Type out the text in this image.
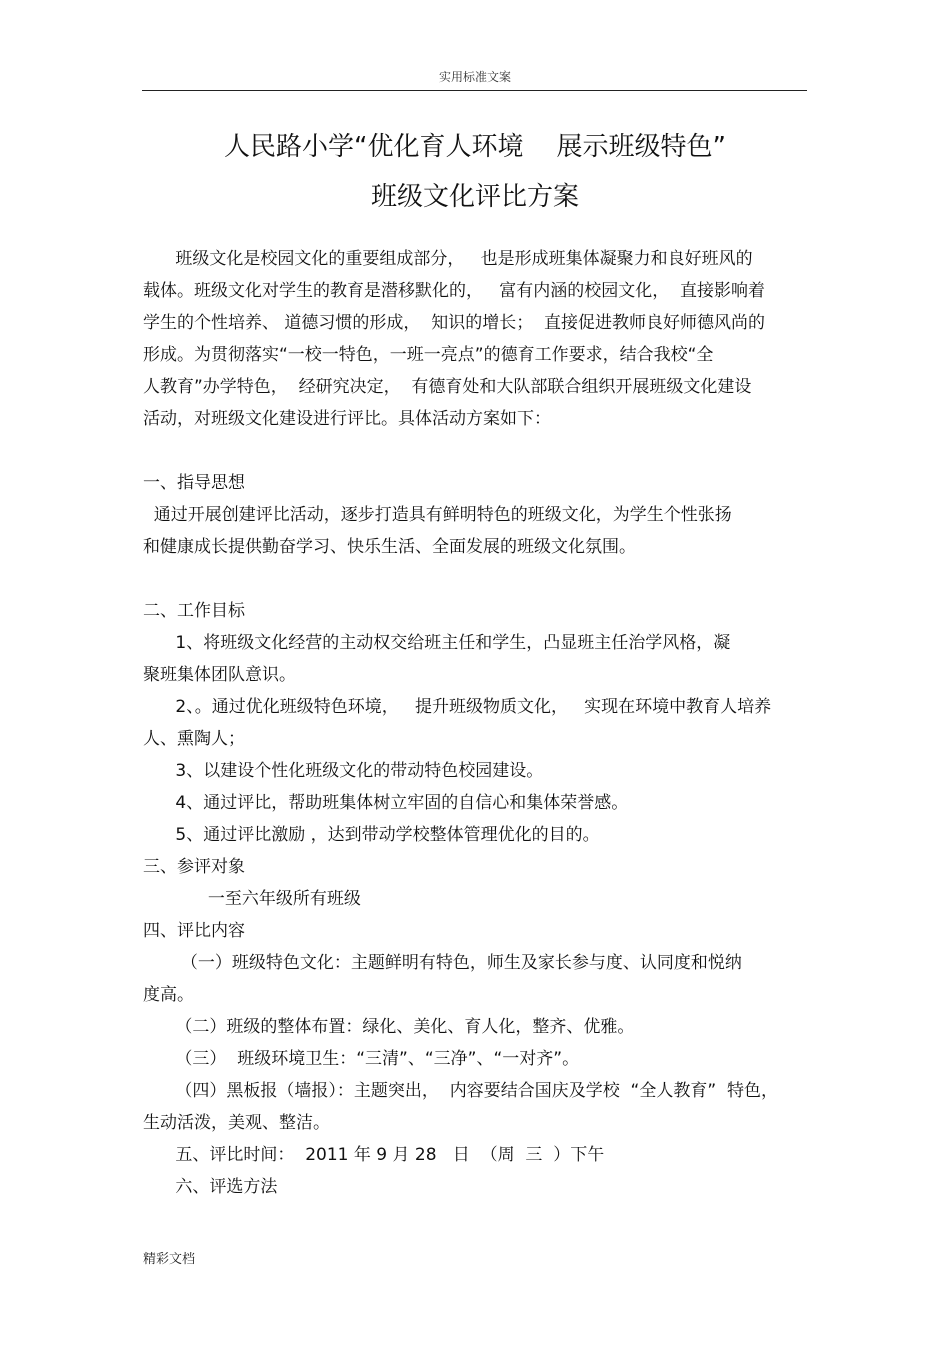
实用标准文案
人民路小学“优化育人环境    展示班级特色”
班级文化评比方案
班级文化是校园文化的重要组成部分，   也是形成班集体凝聚力和良好班风的
载体。班级文化对学生的教育是潜移默化的，   富有内涵的校园文化，  直接影响着
学生的个性培养、 道德习惯的形成，  知识的增长；  直接促进教师良好师德风尚的
形成。为贯彻落实“一校一特色，一班一亮点”的德育工作要求，结合我校“全
人教育”办学特色，  经研究决定，  有德育处和大队部联合组织开展班级文化建设
活动，对班级文化建设进行评比。具体活动方案如下：
一、指导思想
通过开展创建评比活动，逐步打造具有鲜明特色的班级文化，为学生个性张扬
和健康成长提供勤奋学习、快乐生活、全面发展的班级文化氛围。
二、工作目标
1、将班级文化经营的主动权交给班主任和学生，凸显班主任治学风格，凝
聚班集体团队意识。
2、。通过优化班级特色环境，   提升班级物质文化，   实现在环境中教育人培养
人、熏陶人；
3、以建设个性化班级文化的带动特色校园建设。
4、通过评比，帮助班集体树立牢固的自信心和集体荣誉感。
5、通过评比激励 ，达到带动学校整体管理优化的目的。
三、参评对象
一至六年级所有班级
四、评比内容
（一）班级特色文化：主题鲜明有特色，师生及家长参与度、认同度和悦纳
度高。
（二）班级的整体布置：绿化、美化、育人化，整齐、优雅。
（三）  班级环境卫生：“三清”、“三净”、“一对齐”。
（四）黑板报（墙报）：主题突出，  内容要结合国庆及学校  “全人教育”  特色，
生动活泼，美观、整洁。
五、评比时间：  2011 年 9 月 28   日  （周  三  ）下午
六、评选方法
精彩文档
